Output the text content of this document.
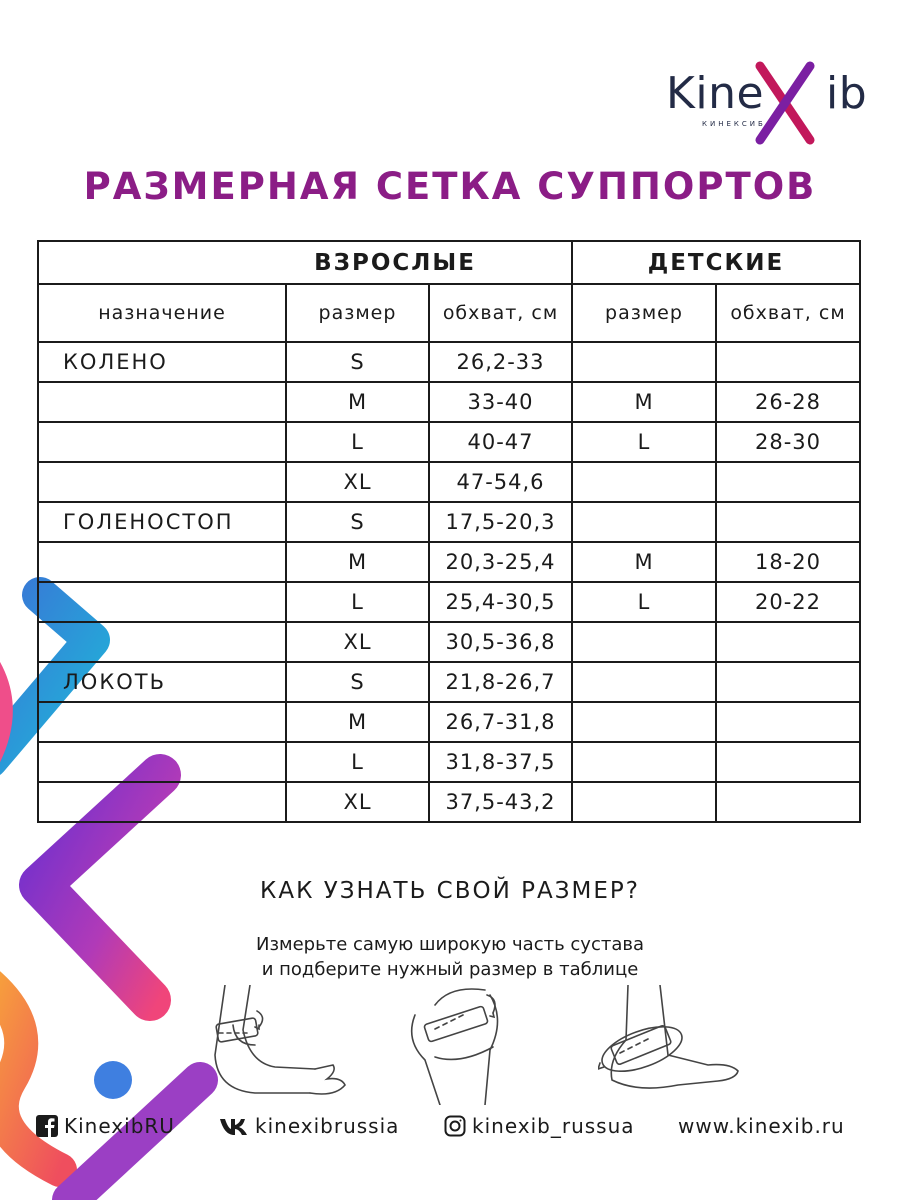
Kine ib
КИНЕКСИБ
РАЗМЕРНАЯ СЕТКА СУППОРТОВ
ВЗРОСЛЫЕ			ДЕТСКИЕ	
назначение	размер	обхват, см	размер	обхват, см
КОЛЕНО	S	26,2-33		
	M	33-40	M	26-28
	L	40-47	L	28-30
	XL	47-54,6		
ГОЛЕНОСТОП	S	17,5-20,3		
	M	20,3-25,4	M	18-20
	L	25,4-30,5	L	20-22
	XL	30,5-36,8		
ЛОКОТЬ	S	21,8-26,7		
	M	26,7-31,8		
	L	31,8-37,5		
	XL	37,5-43,2		
КАК УЗНАТЬ СВОЙ РАЗМЕР?
Измерьте самую широкую часть сустава
и подберите нужный размер в таблице
KinexibRU	kinexibrussia	kinexib_russua www.kinexib.ru
